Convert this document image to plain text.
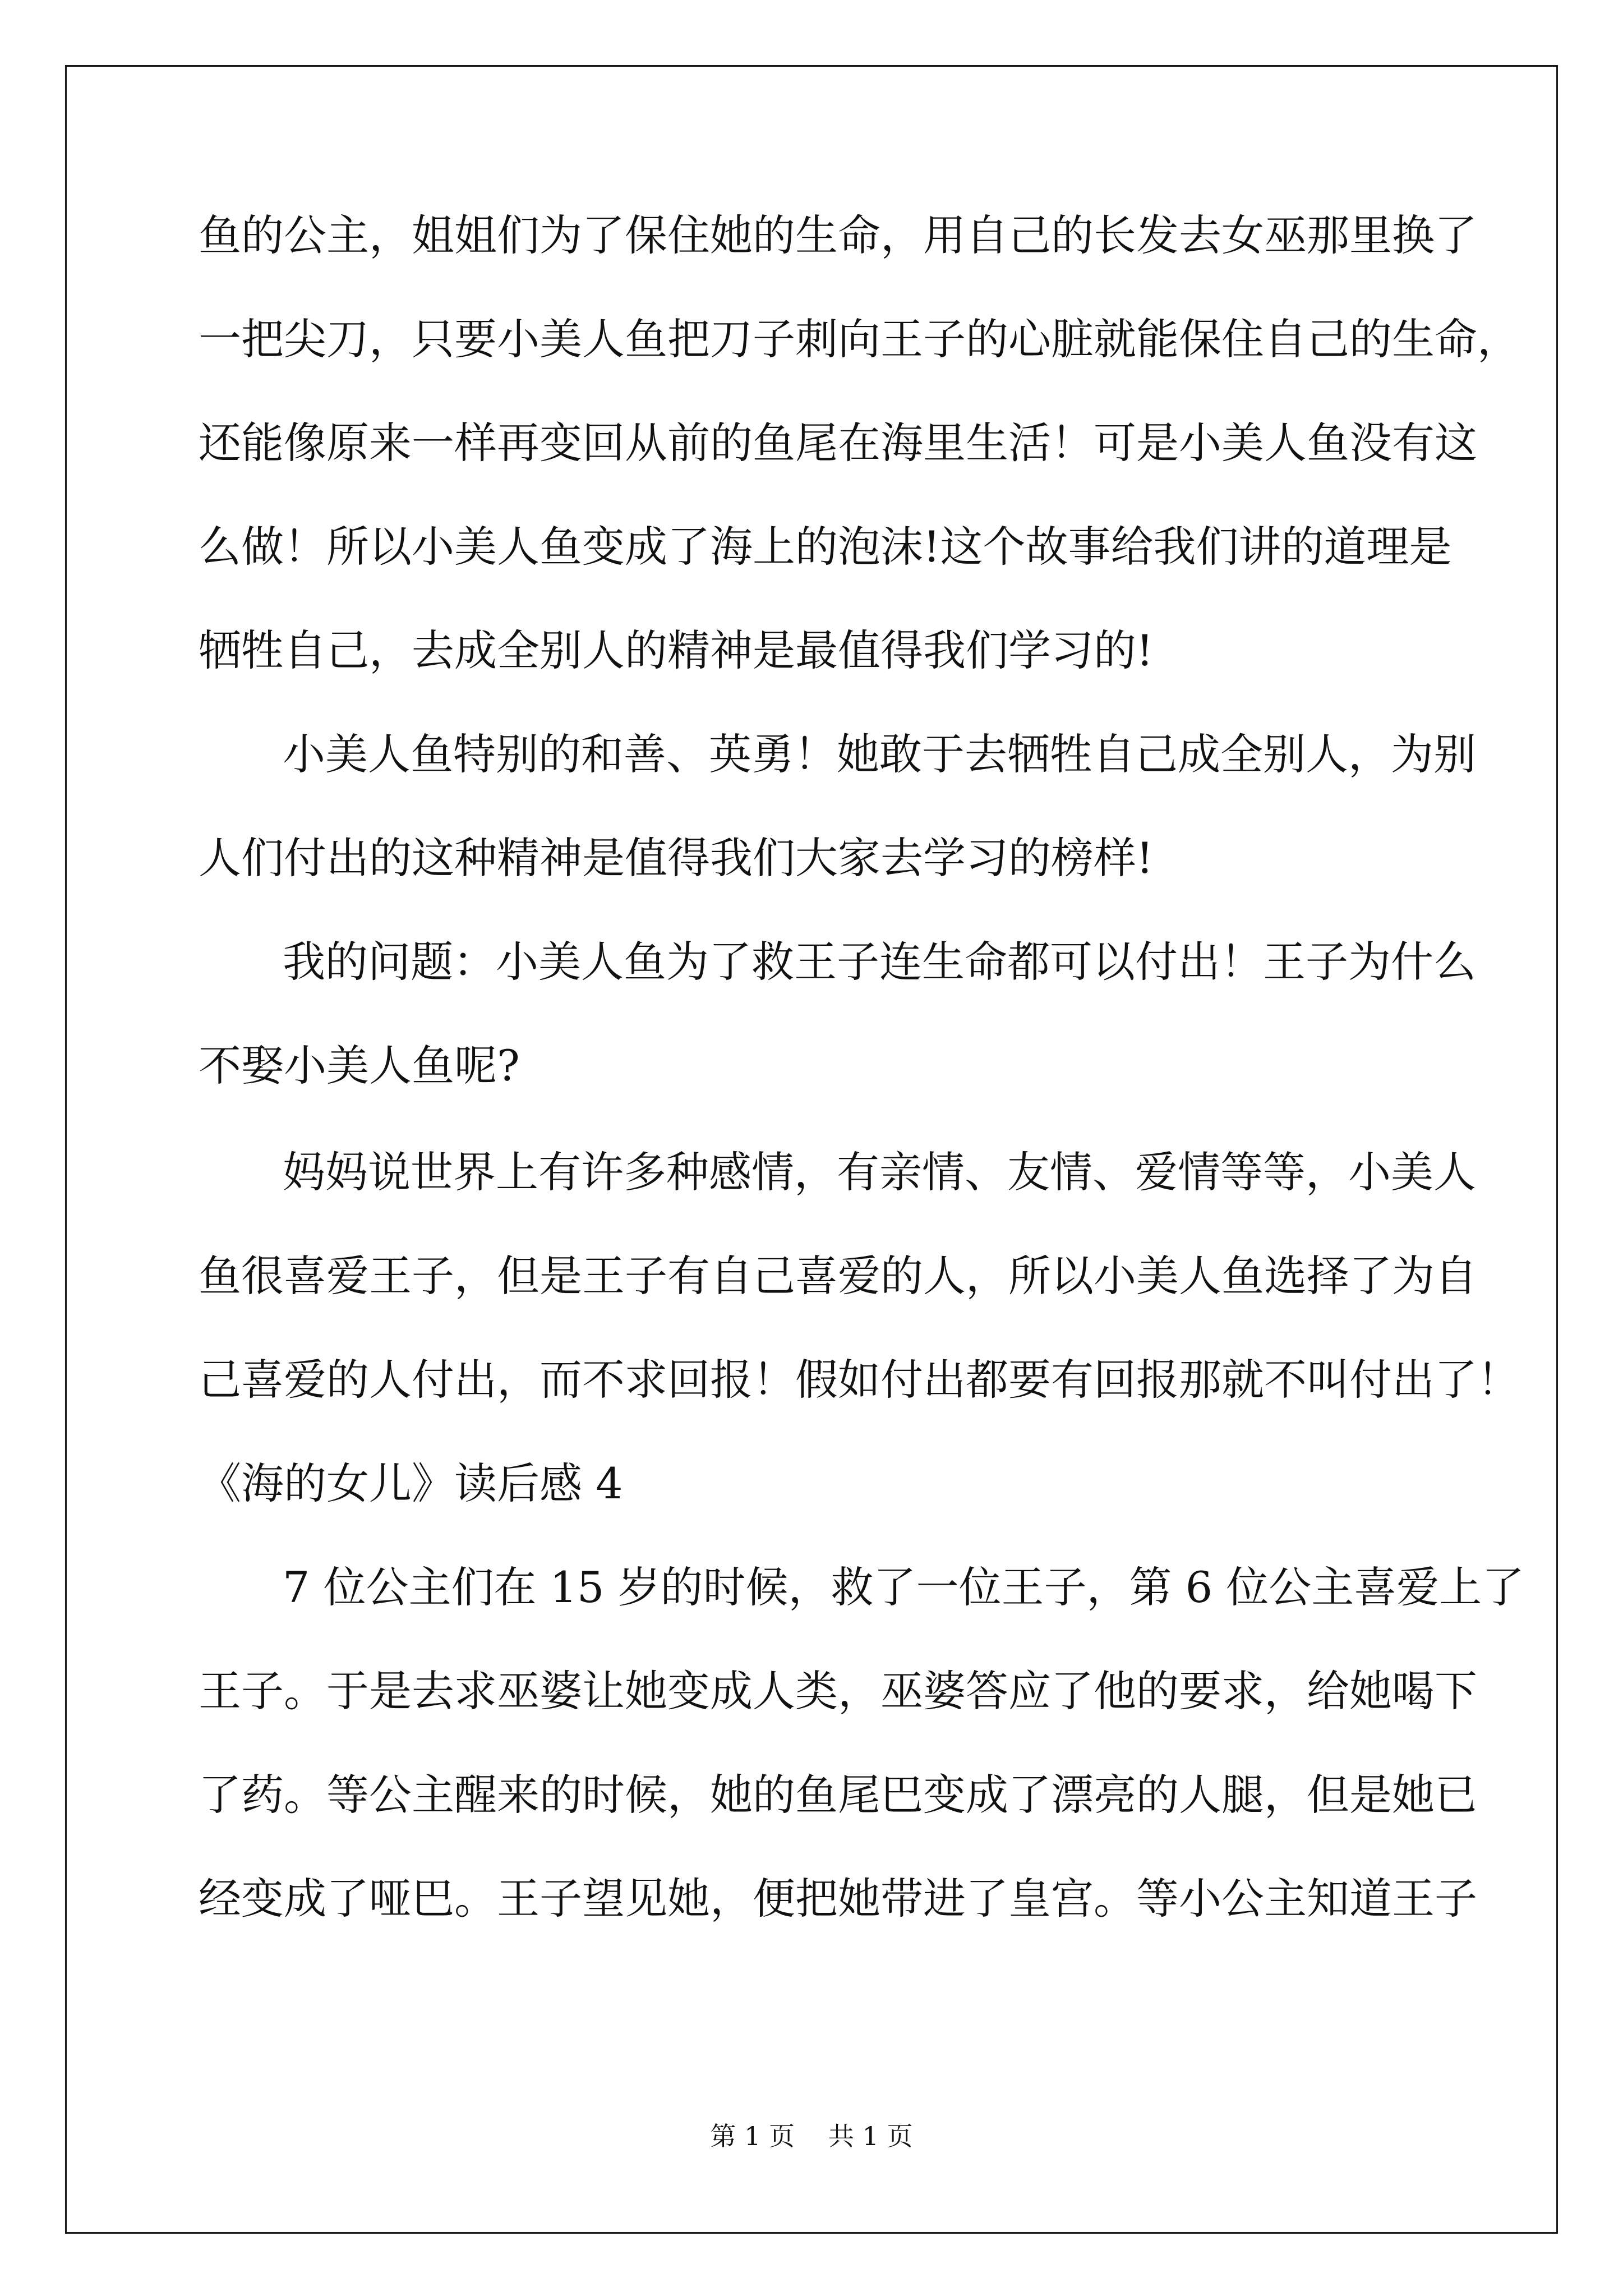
鱼的公主，姐姐们为了保住她的生命，用自己的长发去女巫那里换了
一把尖刀，只要小美人鱼把刀子刺向王子的心脏就能保住自己的生命，
还能像原来一样再变回从前的鱼尾在海里生活！可是小美人鱼没有这
么做！所以小美人鱼变成了海上的泡沫!这个故事给我们讲的道理是
牺牲自己，去成全别人的精神是最值得我们学习的!
小美人鱼特别的和善、英勇！她敢于去牺牲自己成全别人，为别
人们付出的这种精神是值得我们大家去学习的榜样!
我的问题：小美人鱼为了救王子连生命都可以付出！王子为什么
不娶小美人鱼呢?
妈妈说世界上有许多种感情，有亲情、友情、爱情等等，小美人
鱼很喜爱王子，但是王子有自己喜爱的人，所以小美人鱼选择了为自
己喜爱的人付出，而不求回报！假如付出都要有回报那就不叫付出了！
《海的女儿》读后感 4
7 位公主们在 15 岁的时候，救了一位王子，第 6 位公主喜爱上了
王子。于是去求巫婆让她变成人类，巫婆答应了他的要求，给她喝下
了药。等公主醒来的时候，她的鱼尾巴变成了漂亮的人腿，但是她已
经变成了哑巴。王子望见她，便把她带进了皇宫。等小公主知道王子
第 1 页 共 1 页
